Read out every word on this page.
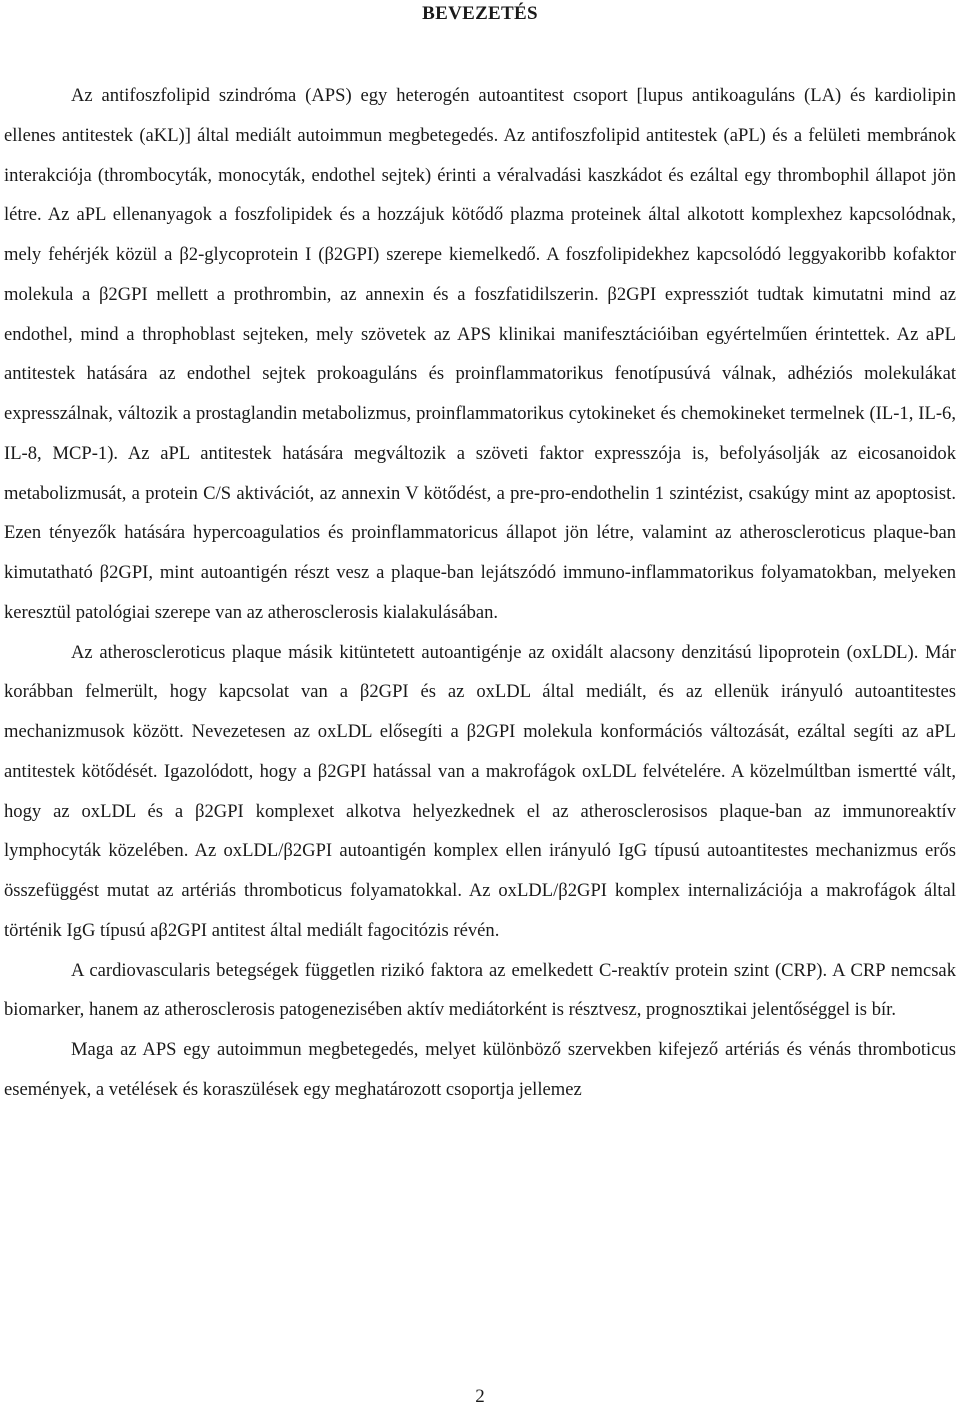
BEVEZETÉS

Az antifoszfolipid szindróma (APS) egy heterogén autoantitest csoport [lupus antikoaguláns (LA) és kardiolipin ellenes antitestek (aKL)] által mediált autoimmun megbetegedés. Az antifoszfolipid antitestek (aPL) és a felületi membránok interakciója (thrombocyták, monocyták, endothel sejtek) érinti a véralvadási kaszkádot és ezáltal egy thrombophil állapot jön létre. Az aPL ellenanyagok a foszfolipidek és a hozzájuk kötődő plazma proteinek által alkotott komplexhez kapcsolódnak, mely fehérjék közül a β2-glycoprotein I (β2GPI) szerepe kiemelkedő. A foszfolipidekhez kapcsolódó leggyakoribb kofaktor molekula a β2GPI mellett a prothrombin, az annexin és a foszfatidilszerin. β2GPI expressziót tudtak kimutatni mind az endothel, mind a throphoblast sejteken, mely szövetek az APS klinikai manifesztációiban egyértelműen érintettek. Az aPL antitestek hatására az endothel sejtek prokoaguláns és proinflammatorikus fenotípusúvá válnak, adhéziós molekulákat expresszálnak, változik a prostaglandin metabolizmus, proinflammatorikus cytokineket és chemokineket termelnek (IL-1, IL-6, IL-8, MCP-1). Az aPL antitestek hatására megváltozik a szöveti faktor expresszója is, befolyásolják az eicosanoidok metabolizmusát, a protein C/S aktivációt, az annexin V kötődést, a pre-pro-endothelin 1 szintézist, csakúgy mint az apoptosist. Ezen tényezők hatására hypercoagulatios és proinflammatoricus állapot jön létre, valamint az atheroscleroticus plaque-ban kimutatható β2GPI, mint autoantigén részt vesz a plaque-ban lejátszódó immuno-inflammatorikus folyamatokban, melyeken keresztül patológiai szerepe van az atherosclerosis kialakulásában.

Az atheroscleroticus plaque másik kitüntetett autoantigénje az oxidált alacsony denzitású lipoprotein (oxLDL). Már korábban felmerült, hogy kapcsolat van a β2GPI és az oxLDL által mediált, és az ellenük irányuló autoantitestes mechanizmusok között. Nevezetesen az oxLDL elősegíti a β2GPI molekula konformációs változását, ezáltal segíti az aPL antitestek kötődését. Igazolódott, hogy a β2GPI hatással van a makrofágok oxLDL felvételére. A közelmúltban ismertté vált, hogy az oxLDL és a β2GPI komplexet alkotva helyezkednek el az atherosclerosisos plaque-ban az immunoreaktív lymphocyták közelében. Az oxLDL/β2GPI autoantigén komplex ellen irányuló IgG típusú autoantitestes mechanizmus erős összefüggést mutat az artériás thromboticus folyamatokkal. Az oxLDL/β2GPI komplex internalizációja a makrofágok által történik IgG típusú aβ2GPI antitest által mediált fagocitózis révén.

A cardiovascularis betegségek független rizikó faktora az emelkedett C-reaktív protein szint (CRP). A CRP nemcsak biomarker, hanem az atherosclerosis patogenezisében aktív mediátorként is résztvesz, prognosztikai jelentőséggel is bír.

Maga az APS egy autoimmun megbetegedés, melyet különböző szervekben kifejező artériás és vénás thromboticus események, a vetélések és koraszülések egy meghatározott csoportja jellemez

2
